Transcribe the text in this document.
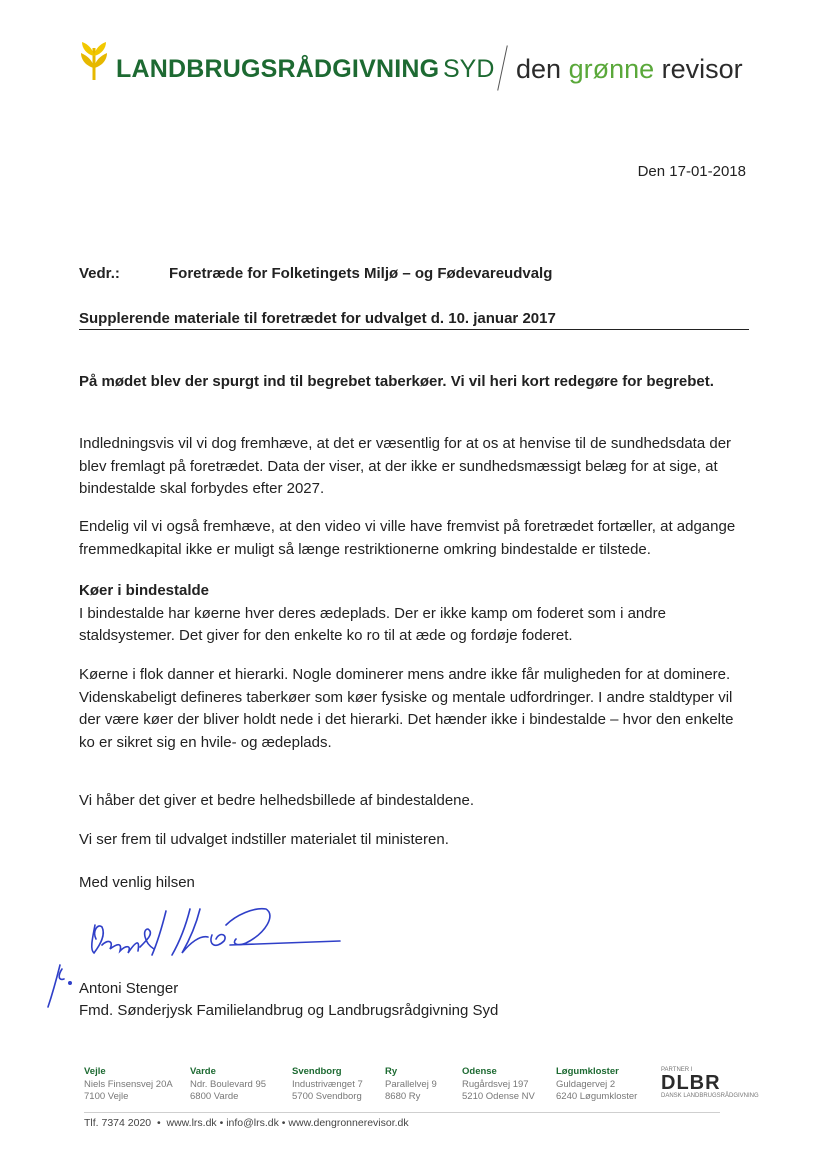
LANDBRUGSRÅDGIVNING SYD den grønne revisor
Den 17-01-2018
Vedr.:	Foretræde for Folketingets Miljø – og Fødevareudvalg
Supplerende materiale til foretrædet for udvalget d. 10. januar 2017
På mødet blev der spurgt ind til begrebet taberkøer. Vi vil heri kort redegøre for begrebet.

Indledningsvis vil vi dog fremhæve, at det er væsentlig for at os at henvise til de sundhedsdata der

blev fremlagt på foretrædet. Data der viser, at der ikke er sundhedsmæssigt belæg for at sige, at

bindestalde skal forbydes efter 2027.

Endelig vil vi også fremhæve, at den video vi ville have fremvist på foretrædet fortæller, at adgange

fremmedkapital ikke er muligt så længe restriktionerne omkring bindestalde er tilstede.

Køer i bindestalde

I bindestalde har køerne hver deres ædeplads. Der er ikke kamp om foderet som i andre

staldsystemer. Det giver for den enkelte ko ro til at æde og fordøje foderet.

Køerne i flok danner et hierarki. Nogle dominerer mens andre ikke får muligheden for at dominere.

Videnskabeligt defineres taberkøer som køer fysiske og mentale udfordringer. I andre staldtyper vil

der være køer der bliver holdt nede i det hierarki. Det hænder ikke i bindestalde – hvor den enkelte

ko er sikret sig en hvile- og ædeplads.

Vi håber det giver et bedre helhedsbillede af bindestaldene.
Vi ser frem til udvalget indstiller materialet til ministeren.
Med venlig hilsen
Antoni Stenger
Fmd. Sønderjysk Familielandbrug og Landbrugsrådgivning Syd
Vejle
Niels Finsensvej 20A
7100 Vejle
Varde
Ndr. Boulevard 95
6800 Varde
Svendborg
Industrivænget 7
5700 Svendborg
Ry
Parallelvej 9
8680 Ry
Odense
Rugårdsvej 197
5210 Odense NV
Løgumkloster
Guldagervej 2
6240 Løgumkloster
PARTNER I
DLBR
DANSK LANDBRUGSRÅDGIVNING
Tlf. 7374 2020  •  www.lrs.dk • info@lrs.dk • www.dengronnerevisor.dk
